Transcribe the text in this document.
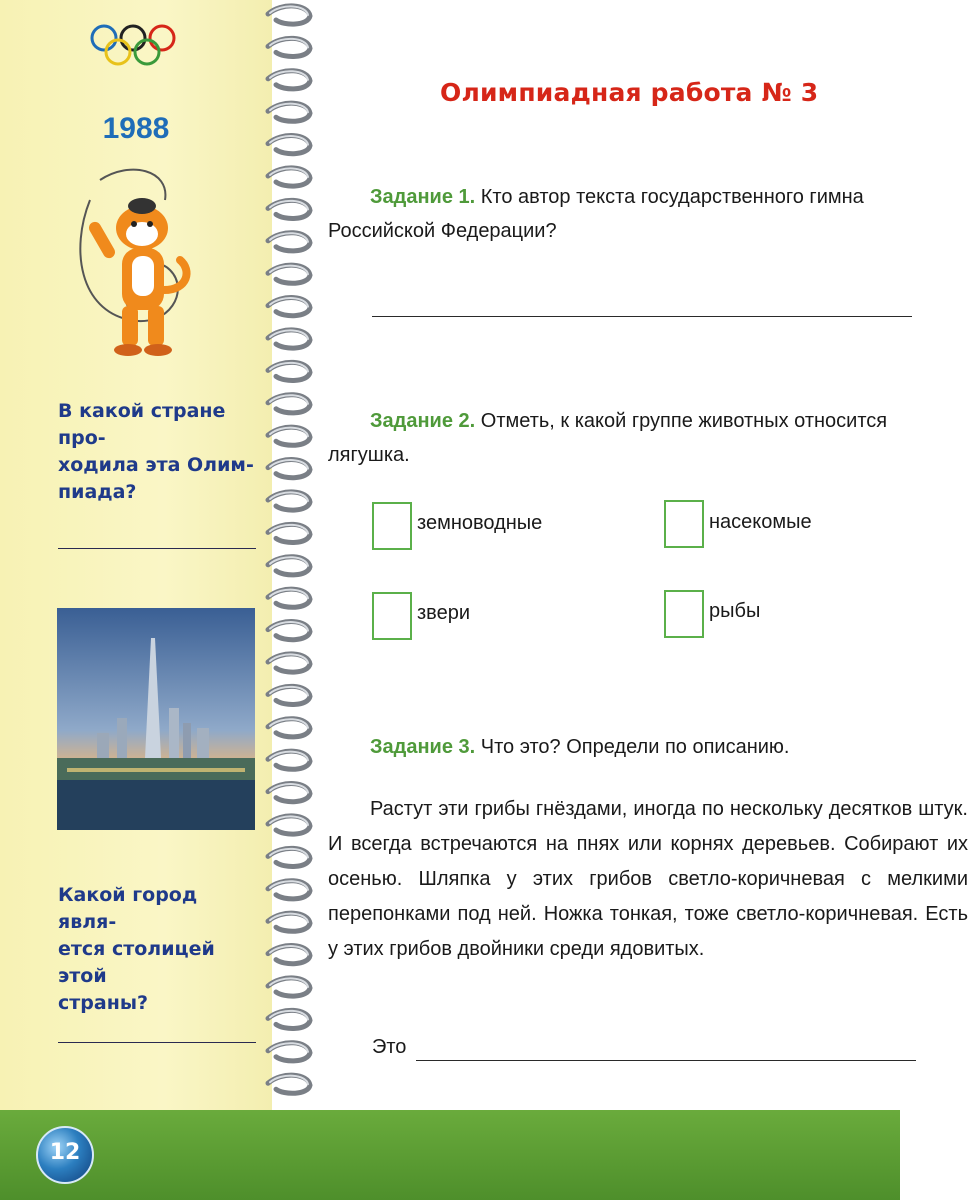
1988
В какой стране про-
ходила эта Олим-
пиада?
Какой город явля-
ется столицей этой
страны?
Олимпиадная работа № 3
Задание 1. Кто автор текста государственного гимна Российской Федерации?
Задание 2. Отметь, к какой группе животных относится лягушка.
земноводные	насекомые
звери	рыбы
Задание 3. Что это? Определи по описанию.
Растут эти грибы гнёздами, иногда по нескольку десятков штук. И всегда встречаются на пнях или корнях деревьев. Собирают их осенью. Шляпка у этих грибов светло-коричневая с мелкими перепонками под ней. Ножка тонкая, тоже светло-коричневая. Есть у этих грибов двойники среди ядовитых.
Это
12
